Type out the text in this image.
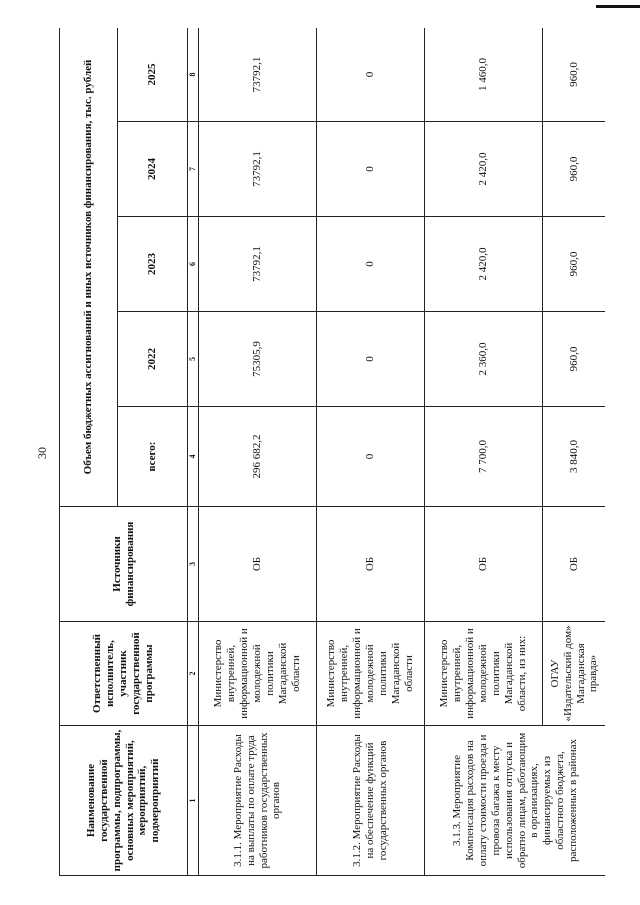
30
Наименование государственной программы, подпрограммы, основных мероприятий, мероприятий, подмероприятий	Ответственный исполнитель, участник государственной программы	Источники финансирования	Объем бюджетных ассигнований и иных источников финансирования, тыс. рублей				
			всего:	2022	2023	2024	2025
1	2	3	4	5	6	7	8
3.1.1. Мероприятие Расходы на выплаты по оплате труда работников государственных органов	Министерство внутренней, информационной и молодежной политики Магаданской области	ОБ	296 682,2	75305,9	73792,1	73792,1	73792,1
3.1.2. Мероприятие Расходы на обеспечение функций государственных органов	Министерство внутренней, информационной и молодежной политики Магаданской области	ОБ	0	0	0	0	0
3.1.3. Мероприятие Компенсация расходов на оплату стоимости проезда и провоза багажа к месту использования отпуска и обратно лицам, работающим в организациях, финансируемых из областного бюджета, расположенных в районах	Министерство внутренней, информационной и молодежной политики Магаданской области, из них:	ОБ	7 700,0	2 360,0	2 420,0	2 420,0	1 460,0
	ОГАУ «Издательский дом» Магаданская правда»	ОБ	3 840,0	960,0	960,0	960,0	960,0
